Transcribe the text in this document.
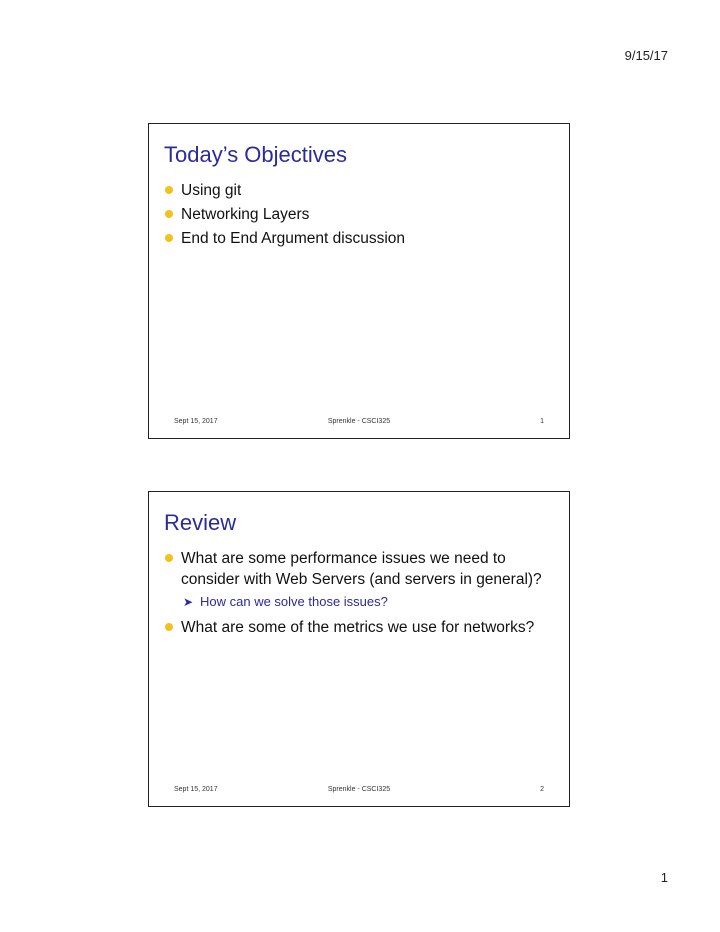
9/15/17
Today’s Objectives
Using git
Networking Layers
End to End Argument discussion
Sept 15, 2017	Sprenkle - CSCI325	1
Review
What are some performance issues we need to consider with Web Servers (and servers in general)?
➤ How can we solve those issues?
What are some of the metrics we use for networks?
Sept 15, 2017	Sprenkle - CSCI325	2
1
